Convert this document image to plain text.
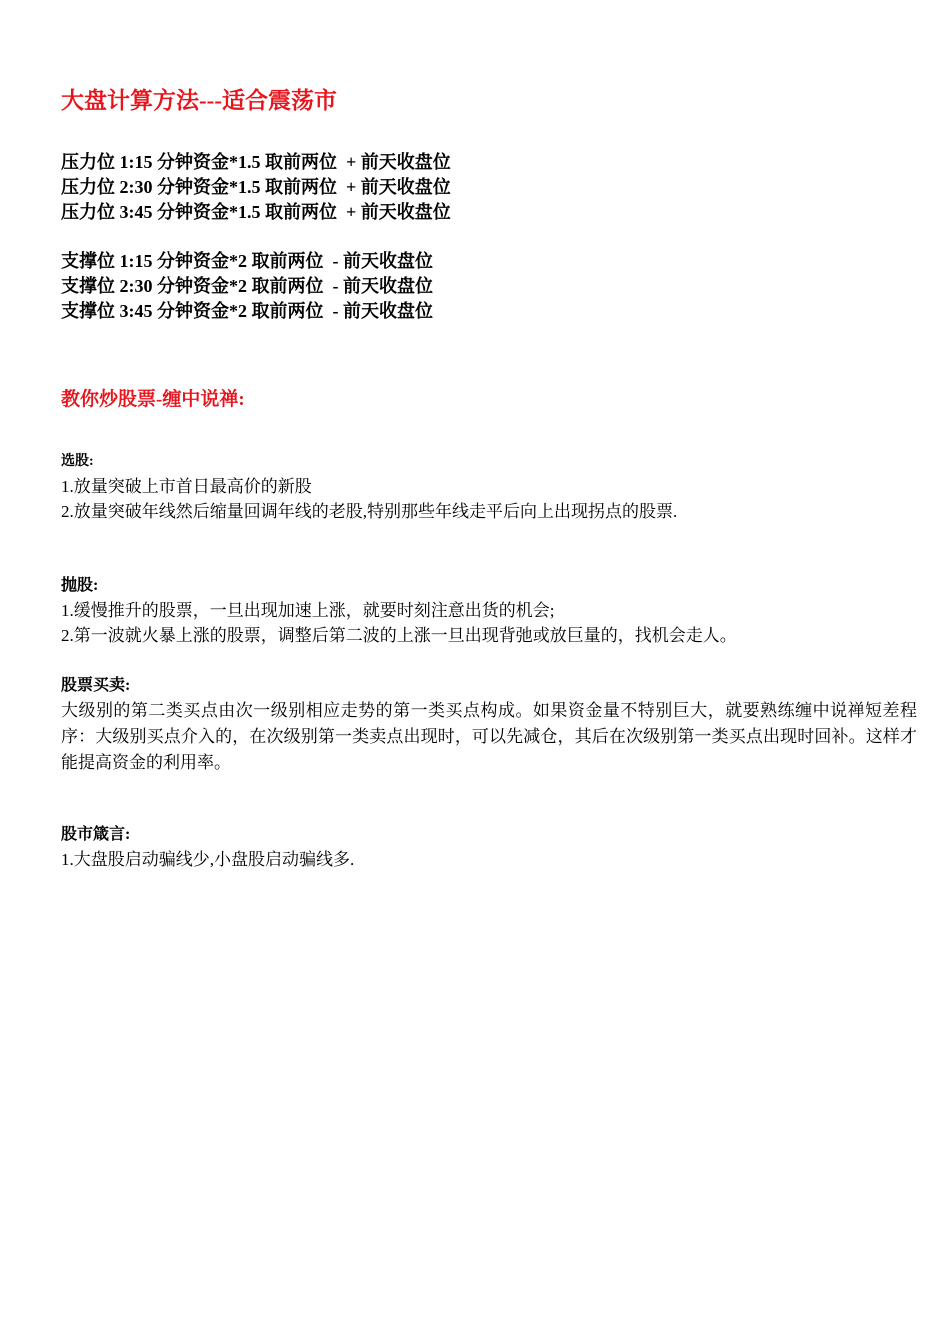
大盘计算方法---适合震荡市

压力位 1:15 分钟资金*1.5 取前两位  + 前天收盘位

压力位 2:30 分钟资金*1.5 取前两位  + 前天收盘位

压力位 3:45 分钟资金*1.5 取前两位  + 前天收盘位

支撑位 1:15 分钟资金*2 取前两位  - 前天收盘位

支撑位 2:30 分钟资金*2 取前两位  - 前天收盘位

支撑位 3:45 分钟资金*2 取前两位  - 前天收盘位

教你炒股票-缠中说禅:

选股:

1.放量突破上市首日最高价的新股

2.放量突破年线然后缩量回调年线的老股,特别那些年线走平后向上出现拐点的股票.

抛股:

1.缓慢推升的股票，一旦出现加速上涨，就要时刻注意出货的机会;

2.第一波就火暴上涨的股票，调整后第二波的上涨一旦出现背弛或放巨量的，找机会走人。

股票买卖:

大级别的第二类买点由次一级别相应走势的第一类买点构成。如果资金量不特别巨大，就要熟练缠中说禅短差程序：大级别买点介入的，在次级别第一类卖点出现时，可以先减仓，其后在次级别第一类买点出现时回补。这样才能提高资金的利用率。

股市箴言:

1.大盘股启动骗线少,小盘股启动骗线多.
